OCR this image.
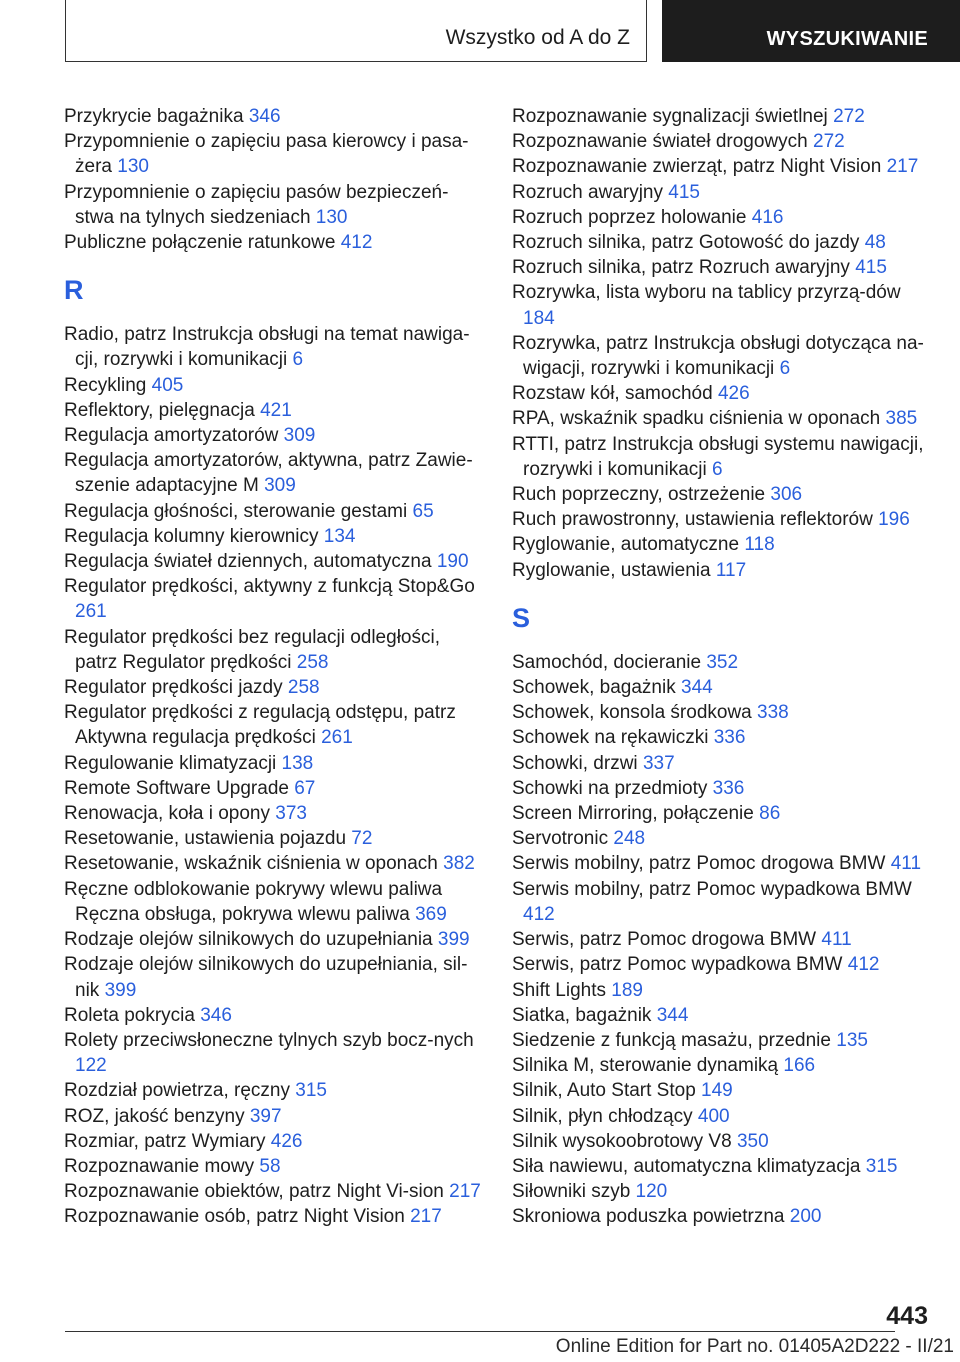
Wszystko od A do Z	WYSZUKIWANIE
Przykrycie bagażnika 346
Przypomnienie o zapięciu pasa kierowcy i pasa‐żera 130
Przypomnienie o zapięciu pasów bezpieczeń‐stwa na tylnych siedzeniach 130
Publiczne połączenie ratunkowe 412
R
Radio, patrz Instrukcja obsługi na temat nawiga‐cji, rozrywki i komunikacji 6
Recykling 405
Reflektory, pielęgnacja 421
Regulacja amortyzatorów 309
Regulacja amortyzatorów, aktywna, patrz Zawie‐szenie adaptacyjne M 309
Regulacja głośności, sterowanie gestami 65
Regulacja kolumny kierownicy 134
Regulacja świateł dziennych, automatyczna 190
Regulator prędkości, aktywny z funkcją Stop&Go 261
Regulator prędkości bez regulacji odległości, patrz Regulator prędkości 258
Regulator prędkości jazdy 258
Regulator prędkości z regulacją odstępu, patrz Aktywna regulacja prędkości 261
Regulowanie klimatyzacji 138
Remote Software Upgrade 67
Renowacja, koła i opony 373
Resetowanie, ustawienia pojazdu 72
Resetowanie, wskaźnik ciśnienia w oponach 382
Ręczne odblokowanie pokrywy wlewu paliwa Ręczna obsługa, pokrywa wlewu paliwa 369
Rodzaje olejów silnikowych do uzupełniania 399
Rodzaje olejów silnikowych do uzupełniania, sil‐nik 399
Roleta pokrycia 346
Rolety przeciwsłoneczne tylnych szyb bocz‐nych 122
Rozdział powietrza, ręczny 315
ROZ, jakość benzyny 397
Rozmiar, patrz Wymiary 426
Rozpoznawanie mowy 58
Rozpoznawanie obiektów, patrz Night Vi‐sion 217
Rozpoznawanie osób, patrz Night Vision 217
Rozpoznawanie sygnalizacji świetlnej 272
Rozpoznawanie świateł drogowych 272
Rozpoznawanie zwierząt, patrz Night Vision 217
Rozruch awaryjny 415
Rozruch poprzez holowanie 416
Rozruch silnika, patrz Gotowość do jazdy 48
Rozruch silnika, patrz Rozruch awaryjny 415
Rozrywka, lista wyboru na tablicy przyrzą‐dów 184
Rozrywka, patrz Instrukcja obsługi dotycząca na‐wigacji, rozrywki i komunikacji 6
Rozstaw kół, samochód 426
RPA, wskaźnik spadku ciśnienia w oponach 385
RTTI, patrz Instrukcja obsługi systemu nawigacji, rozrywki i komunikacji 6
Ruch poprzeczny, ostrzeżenie 306
Ruch prawostronny, ustawienia reflektorów 196
Ryglowanie, automatyczne 118
Ryglowanie, ustawienia 117
S
Samochód, docieranie 352
Schowek, bagażnik 344
Schowek, konsola środkowa 338
Schowek na rękawiczki 336
Schowki, drzwi 337
Schowki na przedmioty 336
Screen Mirroring, połączenie 86
Servotronic 248
Serwis mobilny, patrz Pomoc drogowa BMW 411
Serwis mobilny, patrz Pomoc wypadkowa BMW 412
Serwis, patrz Pomoc drogowa BMW 411
Serwis, patrz Pomoc wypadkowa BMW 412
Shift Lights 189
Siatka, bagażnik 344
Siedzenie z funkcją masażu, przednie 135
Silnika M, sterowanie dynamiką 166
Silnik, Auto Start Stop 149
Silnik, płyn chłodzący 400
Silnik wysokoobrotowy V8 350
Siła nawiewu, automatyczna klimatyzacja 315
Siłowniki szyb 120
Skroniowa poduszka powietrzna 200
443
Online Edition for Part no. 01405A2D222 - II/21
